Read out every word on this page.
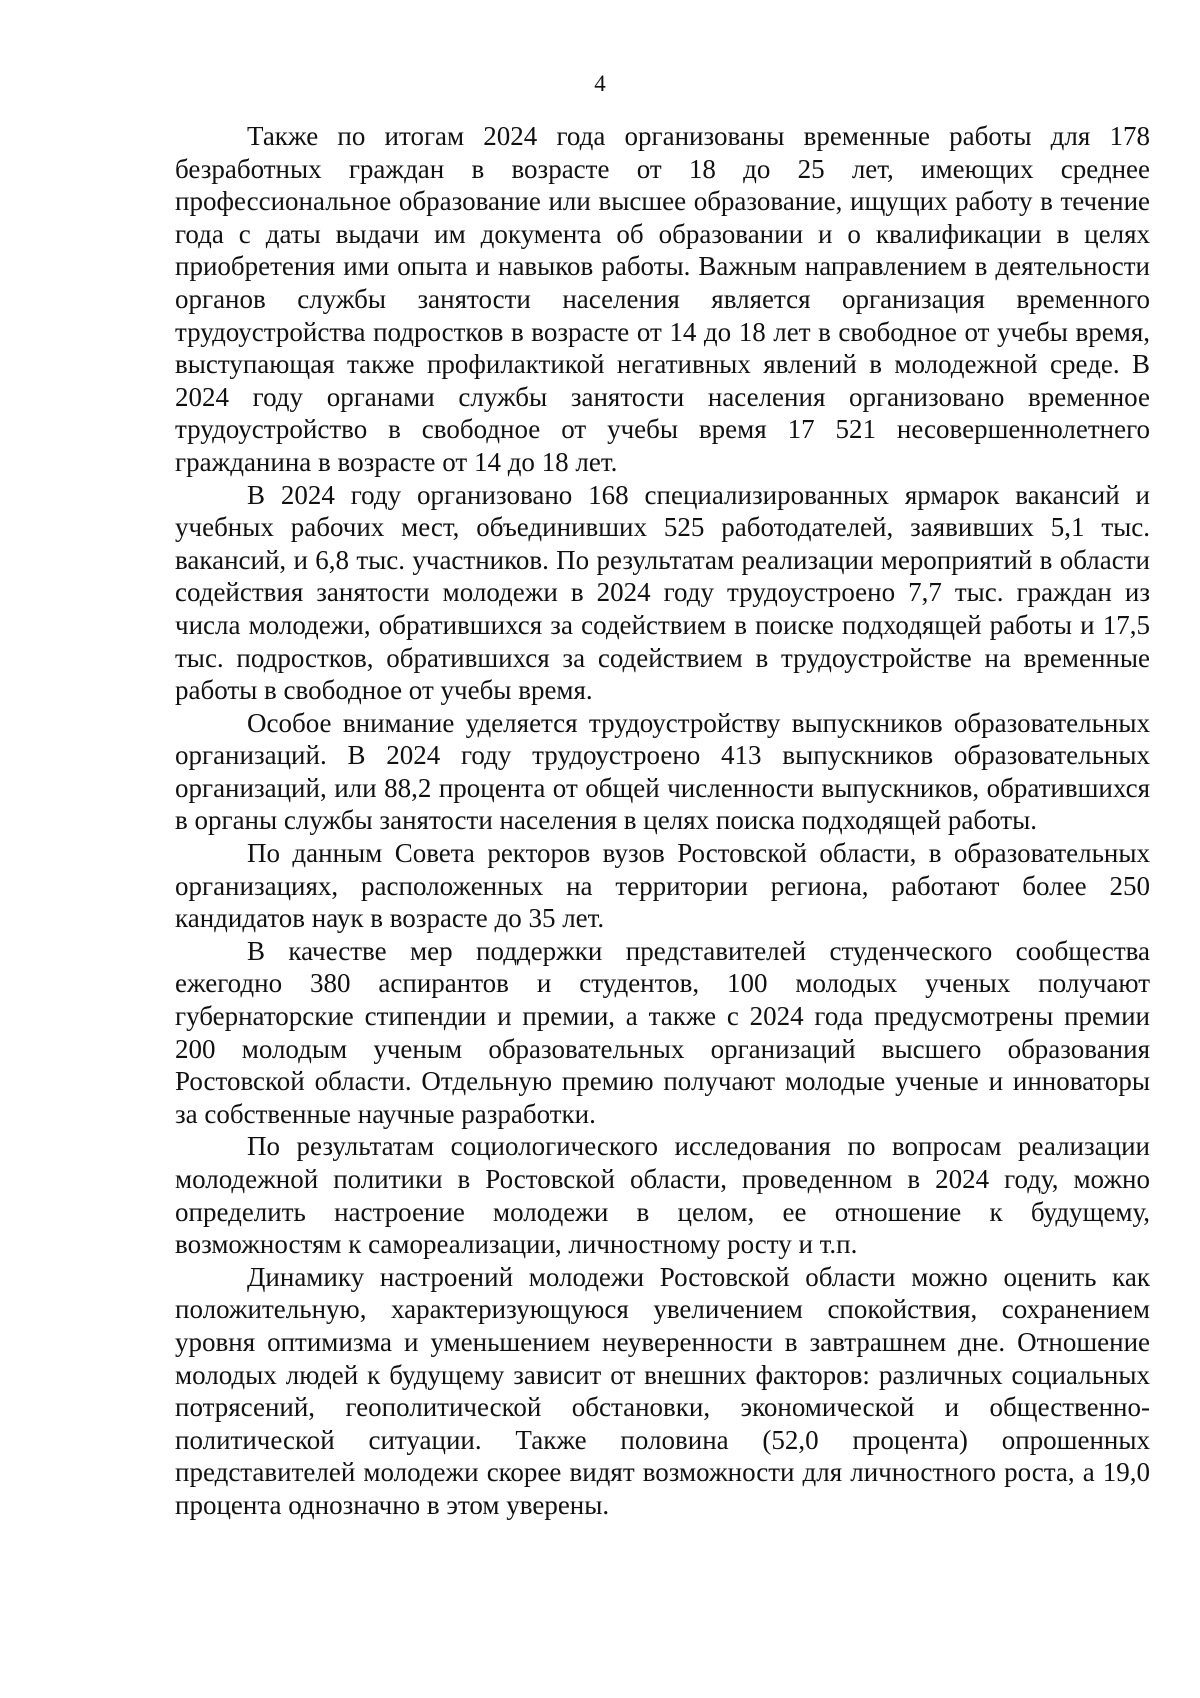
4

Также по итогам 2024 года организованы временные работы для 178 безработных граждан в возрасте от 18 до 25 лет, имеющих среднее профессиональное образование или высшее образование, ищущих работу в течение года с даты выдачи им документа об образовании и о квалификации в целях приобретения ими опыта и навыков работы. Важным направлением в деятельности органов службы занятости населения является организация временного трудоустройства подростков в возрасте от 14 до 18 лет в свободное от учебы время, выступающая также профилактикой негативных явлений в молодежной среде. В 2024 году органами службы занятости населения организовано временное трудоустройство в свободное от учебы время 17 521 несовершеннолетнего гражданина в возрасте от 14 до 18 лет.

В 2024 году организовано 168 специализированных ярмарок вакансий и учебных рабочих мест, объединивших 525 работодателей, заявивших 5,1 тыс. вакансий, и 6,8 тыс. участников. По результатам реализации мероприятий в области содействия занятости молодежи в 2024 году трудоустроено 7,7 тыс. граждан из числа молодежи, обратившихся за содействием в поиске подходящей работы и 17,5 тыс. подростков, обратившихся за содействием в трудоустройстве на временные работы в свободное от учебы время.

Особое внимание уделяется трудоустройству выпускников образовательных организаций. В 2024 году трудоустроено 413 выпускников образовательных организаций, или 88,2 процента от общей численности выпускников, обратившихся в органы службы занятости населения в целях поиска подходящей работы.

По данным Совета ректоров вузов Ростовской области, в образовательных организациях, расположенных на территории региона, работают более 250 кандидатов наук в возрасте до 35 лет.

В качестве мер поддержки представителей студенческого сообщества ежегодно 380 аспирантов и студентов, 100 молодых ученых получают губернаторские стипендии и премии, а также с 2024 года предусмотрены премии 200 молодым ученым образовательных организаций высшего образования Ростовской области. Отдельную премию получают молодые ученые и инноваторы за собственные научные разработки.

По результатам социологического исследования по вопросам реализации молодежной политики в Ростовской области, проведенном в 2024 году, можно определить настроение молодежи в целом, ее отношение к будущему, возможностям к самореализации, личностному росту и т.п.

Динамику настроений молодежи Ростовской области можно оценить как положительную, характеризующуюся увеличением спокойствия, сохранением уровня оптимизма и уменьшением неуверенности в завтрашнем дне. Отношение молодых людей к будущему зависит от внешних факторов: различных социальных потрясений, геополитической обстановки, экономической и общественно-политической ситуации. Также половина (52,0 процента) опрошенных представителей молодежи скорее видят возможности для личностного роста, а 19,0 процента однозначно в этом уверены.
